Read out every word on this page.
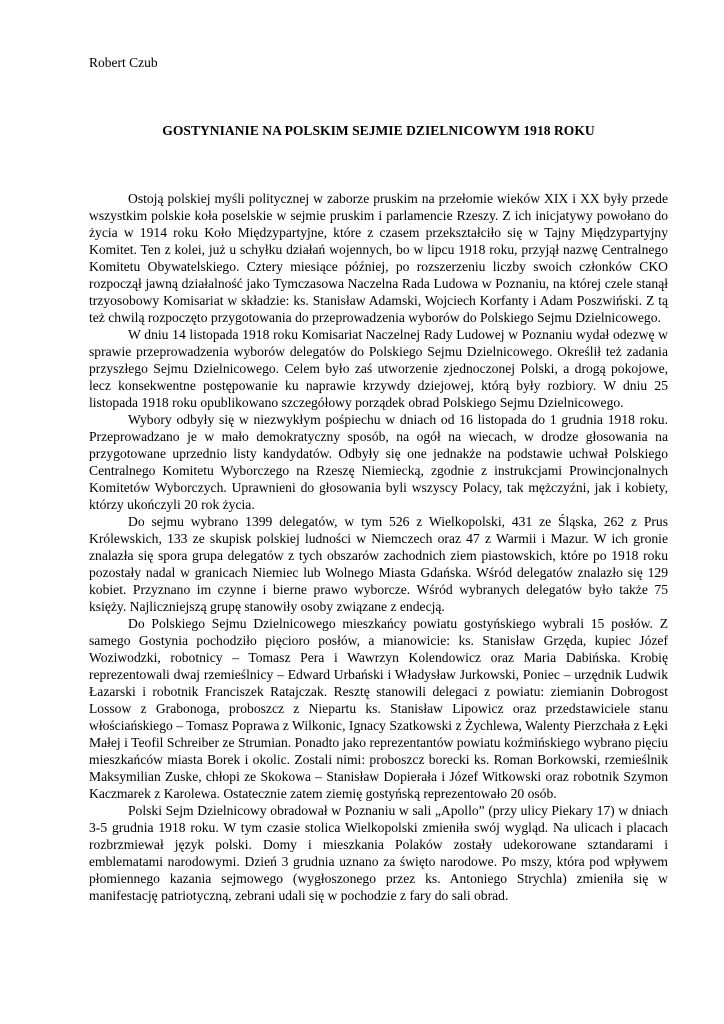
Robert Czub

GOSTYNIANIE NA POLSKIM SEJMIE DZIELNICOWYM 1918 ROKU

Ostoją polskiej myśli politycznej w zaborze pruskim na przełomie wieków XIX i XX były przede wszystkim polskie koła poselskie w sejmie pruskim i parlamencie Rzeszy. Z ich inicjatywy powołano do życia w 1914 roku Koło Międzypartyjne, które z czasem przekształciło się w Tajny Międzypartyjny Komitet. Ten z kolei, już u schyłku działań wojennych, bo w lipcu 1918 roku, przyjął nazwę Centralnego Komitetu Obywatelskiego. Cztery miesiące później, po rozszerzeniu liczby swoich członków CKO rozpoczął jawną działalność jako Tymczasowa Naczelna Rada Ludowa w Poznaniu, na której czele stanął trzyosobowy Komisariat w składzie: ks. Stanisław Adamski, Wojciech Korfanty i Adam Poszwiński. Z tą też chwilą rozpoczęto przygotowania do przeprowadzenia wyborów do Polskiego Sejmu Dzielnicowego.

W dniu 14 listopada 1918 roku Komisariat Naczelnej Rady Ludowej w Poznaniu wydał odezwę w sprawie przeprowadzenia wyborów delegatów do Polskiego Sejmu Dzielnicowego. Określił też zadania przyszłego Sejmu Dzielnicowego. Celem było zaś utworzenie zjednoczonej Polski, a drogą pokojowe, lecz konsekwentne postępowanie ku naprawie krzywdy dziejowej, którą były rozbiory. W dniu 25 listopada 1918 roku opublikowano szczegółowy porządek obrad Polskiego Sejmu Dzielnicowego.

Wybory odbyły się w niezwykłym pośpiechu w dniach od 16 listopada do 1 grudnia 1918 roku. Przeprowadzano je w mało demokratyczny sposób, na ogół na wiecach, w drodze głosowania na przygotowane uprzednio listy kandydatów. Odbyły się one jednakże na podstawie uchwał Polskiego Centralnego Komitetu Wyborczego na Rzeszę Niemiecką, zgodnie z instrukcjami Prowincjonalnych Komitetów Wyborczych. Uprawnieni do głosowania byli wszyscy Polacy, tak mężczyźni, jak i kobiety, którzy ukończyli 20 rok życia.

Do sejmu wybrano 1399 delegatów, w tym 526 z Wielkopolski, 431 ze Śląska, 262 z Prus Królewskich, 133 ze skupisk polskiej ludności w Niemczech oraz 47 z Warmii i Mazur. W ich gronie znalazła się spora grupa delegatów z tych obszarów zachodnich ziem piastowskich, które po 1918 roku pozostały nadal w granicach Niemiec lub Wolnego Miasta Gdańska. Wśród delegatów znalazło się 129 kobiet. Przyznano im czynne i bierne prawo wyborcze. Wśród wybranych delegatów było także 75 księży. Najliczniejszą grupę stanowiły osoby związane z endecją.

Do Polskiego Sejmu Dzielnicowego mieszkańcy powiatu gostyńskiego wybrali 15 posłów. Z samego Gostynia pochodziło pięcioro posłów, a mianowicie: ks. Stanisław Grzęda, kupiec Józef Woziwodzki, robotnicy – Tomasz Pera i Wawrzyn Kolendowicz oraz Maria Dabińska. Krobię reprezentowali dwaj rzemieślnicy – Edward Urbański i Władysław Jurkowski, Poniec – urzędnik Ludwik Łazarski i robotnik Franciszek Ratajczak. Resztę stanowili delegaci z powiatu: ziemianin Dobrogost Lossow z Grabonoga, proboszcz z Niepartu ks. Stanisław Lipowicz oraz przedstawiciele stanu włościańskiego – Tomasz Poprawa z Wilkonic, Ignacy Szatkowski z Żychlewa, Walenty Pierzchała z Łęki Małej i Teofil Schreiber ze Strumian. Ponadto jako reprezentantów powiatu koźmińskiego wybrano pięciu mieszkańców miasta Borek i okolic. Zostali nimi: proboszcz borecki ks. Roman Borkowski, rzemieślnik Maksymilian Zuske, chłopi ze Skokowa – Stanisław Dopierała i Józef Witkowski oraz robotnik Szymon Kaczmarek z Karolewa. Ostatecznie zatem ziemię gostyńską reprezentowało 20 osób.

Polski Sejm Dzielnicowy obradował w Poznaniu w sali „Apollo” (przy ulicy Piekary 17) w dniach 3-5 grudnia 1918 roku. W tym czasie stolica Wielkopolski zmieniła swój wygląd. Na ulicach i placach rozbrzmiewał język polski. Domy i mieszkania Polaków zostały udekorowane sztandarami i emblematami narodowymi. Dzień 3 grudnia uznano za święto narodowe. Po mszy, która pod wpływem płomiennego kazania sejmowego (wygłoszonego przez ks. Antoniego Strychla) zmieniła się w manifestację patriotyczną, zebrani udali się w pochodzie z fary do sali obrad.
